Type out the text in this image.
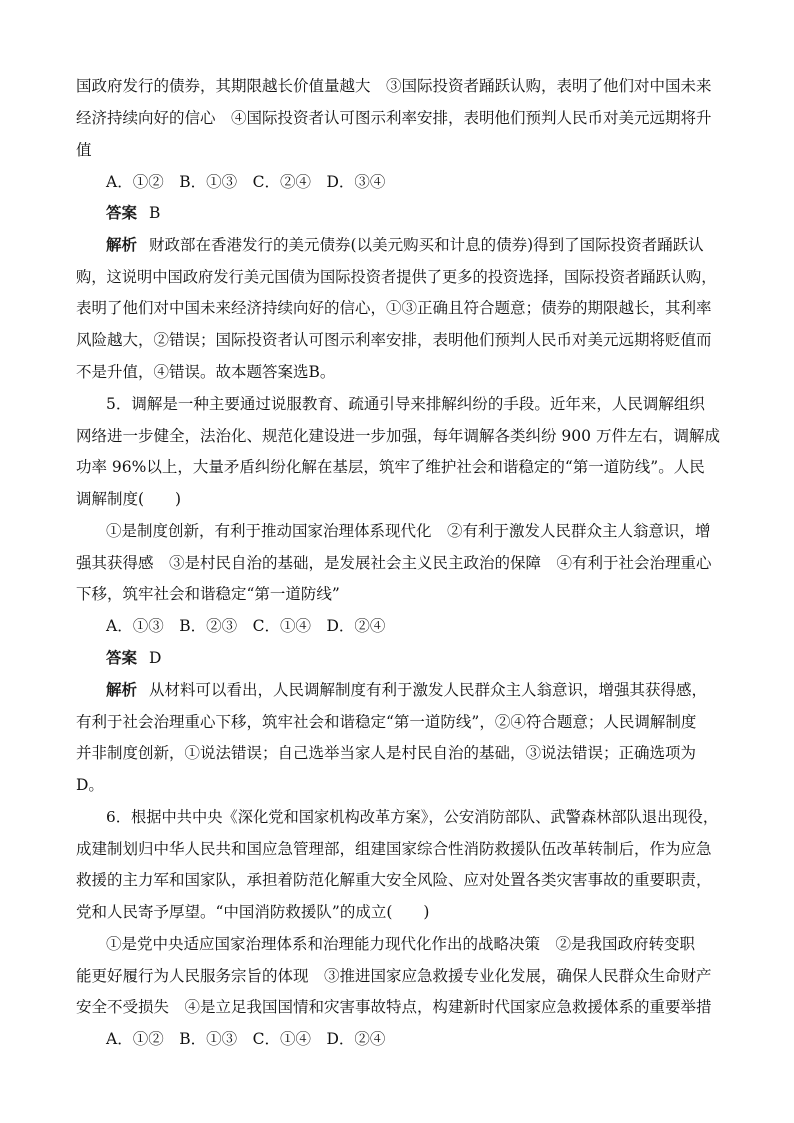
国政府发行的债券，其期限越长价值量越大　③国际投资者踊跃认购，表明了他们对中国未来
经济持续向好的信心　④国际投资者认可图示利率安排，表明他们预判人民币对美元远期将升
值
A．①②　B．①③　C．②④　D．③④
答案 B
解析 财政部在香港发行的美元债券(以美元购买和计息的债券)得到了国际投资者踊跃认
购，这说明中国政府发行美元国债为国际投资者提供了更多的投资选择，国际投资者踊跃认购，
表明了他们对中国未来经济持续向好的信心，①③正确且符合题意；债券的期限越长，其利率
风险越大，②错误；国际投资者认可图示利率安排，表明他们预判人民币对美元远期将贬值而
不是升值，④错误。故本题答案选B。
5．调解是一种主要通过说服教育、疏通引导来排解纠纷的手段。近年来，人民调解组织
网络进一步健全，法治化、规范化建设进一步加强，每年调解各类纠纷 900 万件左右，调解成
功率 96%以上，大量矛盾纠纷化解在基层，筑牢了维护社会和谐稳定的“第一道防线”。人民
调解制度(　　)
①是制度创新，有利于推动国家治理体系现代化　②有利于激发人民群众主人翁意识，增
强其获得感　③是村民自治的基础，是发展社会主义民主政治的保障　④有利于社会治理重心
下移，筑牢社会和谐稳定“第一道防线”
A．①③　B．②③　C．①④　D．②④
答案 D
解析 从材料可以看出，人民调解制度有利于激发人民群众主人翁意识，增强其获得感，
有利于社会治理重心下移，筑牢社会和谐稳定“第一道防线”，②④符合题意；人民调解制度
并非制度创新，①说法错误；自己选举当家人是村民自治的基础，③说法错误；正确选项为
D。
6．根据中共中央《深化党和国家机构改革方案》，公安消防部队、武警森林部队退出现役，
成建制划归中华人民共和国应急管理部，组建国家综合性消防救援队伍改革转制后，作为应急
救援的主力军和国家队，承担着防范化解重大安全风险、应对处置各类灾害事故的重要职责，
党和人民寄予厚望。“中国消防救援队”的成立(　　)
①是党中央适应国家治理体系和治理能力现代化作出的战略决策　②是我国政府转变职
能更好履行为人民服务宗旨的体现　③推进国家应急救援专业化发展，确保人民群众生命财产
安全不受损失　④是立足我国国情和灾害事故特点，构建新时代国家应急救援体系的重要举措
A．①②　B．①③　C．①④　D．②④
